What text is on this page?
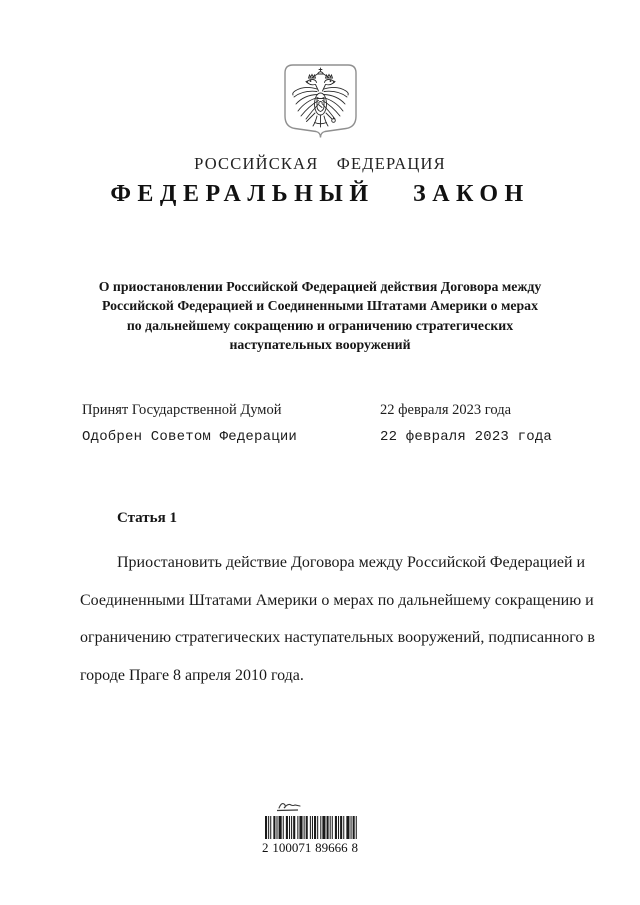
РОССИЙСКАЯ ФЕДЕРАЦИЯ
ФЕДЕРАЛЬНЫЙ ЗАКОН
О приостановлении Российской Федерацией действия Договора между
Российской Федерацией и Соединенными Штатами Америки о мерах
по дальнейшему сокращению и ограничению стратегических
наступательных вооружений
Принят Государственной Думой	22 февраля 2023 года
Одобрен Советом Федерации	22 февраля 2023 года
Статья 1
Приостановить действие Договора между Российской Федерацией и
Соединенными Штатами Америки о мерах по дальнейшему сокращению и
ограничению стратегических наступательных вооружений, подписанного в
городе Праге 8 апреля 2010 года.
2 100071 89666 8
